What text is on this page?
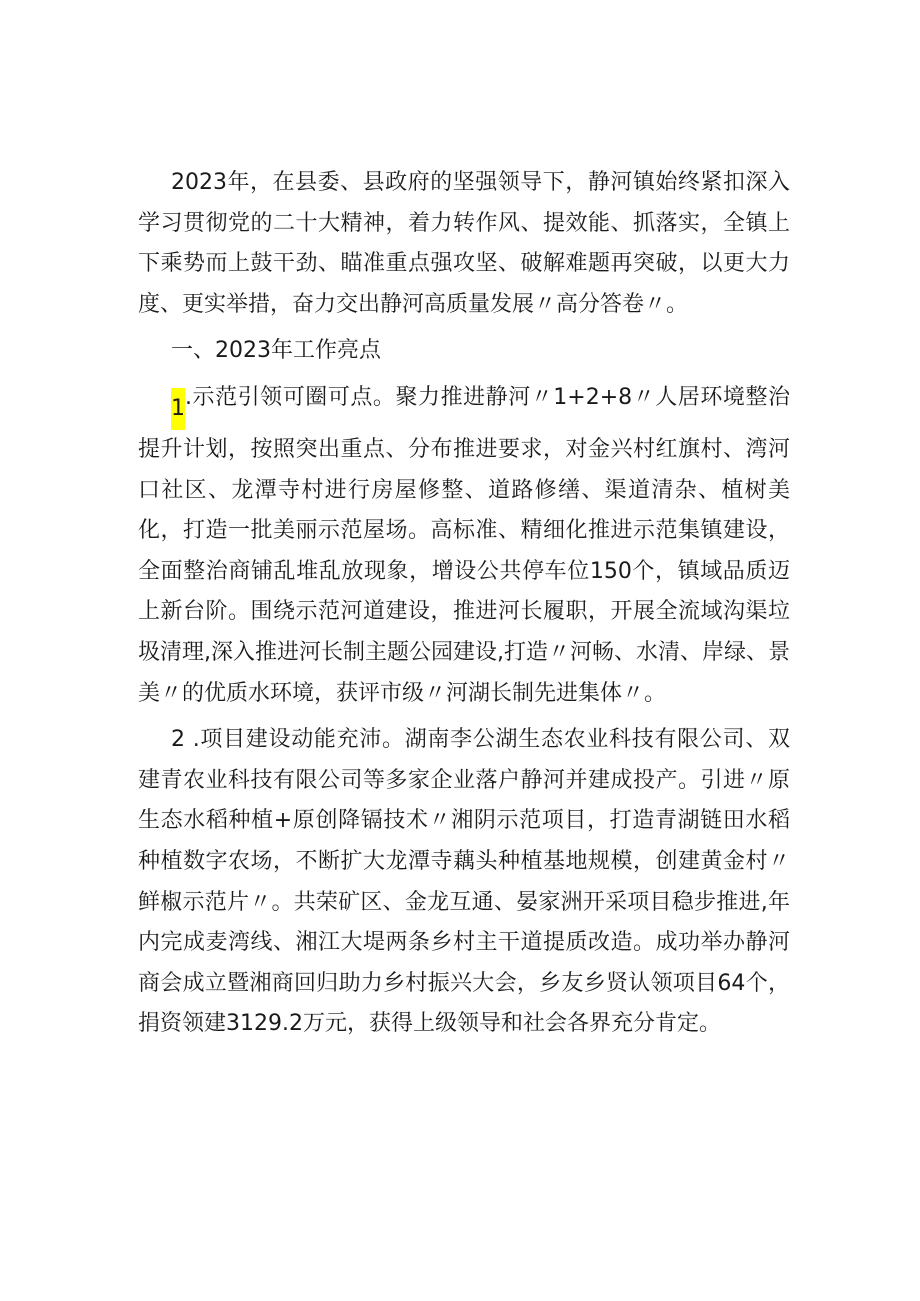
2023年，在县委、县政府的坚强领导下，静河镇始终紧扣深入学习贯彻党的二十大精神，着力转作风、提效能、抓落实，全镇上下乘势而上鼓干劲、瞄准重点强攻坚、破解难题再突破，以更大力度、更实举措，奋力交出静河高质量发展〃高分答卷〃。

一、2023年工作亮点

1.示范引领可圈可点。聚力推进静河〃1+2+8〃人居环境整治提升计划，按照突出重点、分布推进要求，对金兴村红旗村、湾河口社区、龙潭寺村进行房屋修整、道路修缮、渠道清杂、植树美化，打造一批美丽示范屋场。高标准、精细化推进示范集镇建设，全面整治商铺乱堆乱放现象，增设公共停车位150个，镇域品质迈上新台阶。围绕示范河道建设，推进河长履职，开展全流域沟渠垃圾清理,深入推进河长制主题公园建设,打造〃河畅、水清、岸绿、景美〃的优质水环境，获评市级〃河湖长制先进集体〃。

2 .项目建设动能充沛。湖南李公湖生态农业科技有限公司、双建青农业科技有限公司等多家企业落户静河并建成投产。引进〃原生态水稻种植+原创降镉技术〃湘阴示范项目，打造青湖链田水稻种植数字农场，不断扩大龙潭寺藕头种植基地规模，创建黄金村〃鲜椒示范片〃。共荣矿区、金龙互通、晏家洲开采项目稳步推进,年内完成麦湾线、湘江大堤两条乡村主干道提质改造。成功举办静河商会成立暨湘商回归助力乡村振兴大会，乡友乡贤认领项目64个，捐资领建3129.2万元，获得上级领导和社会各界充分肯定。
